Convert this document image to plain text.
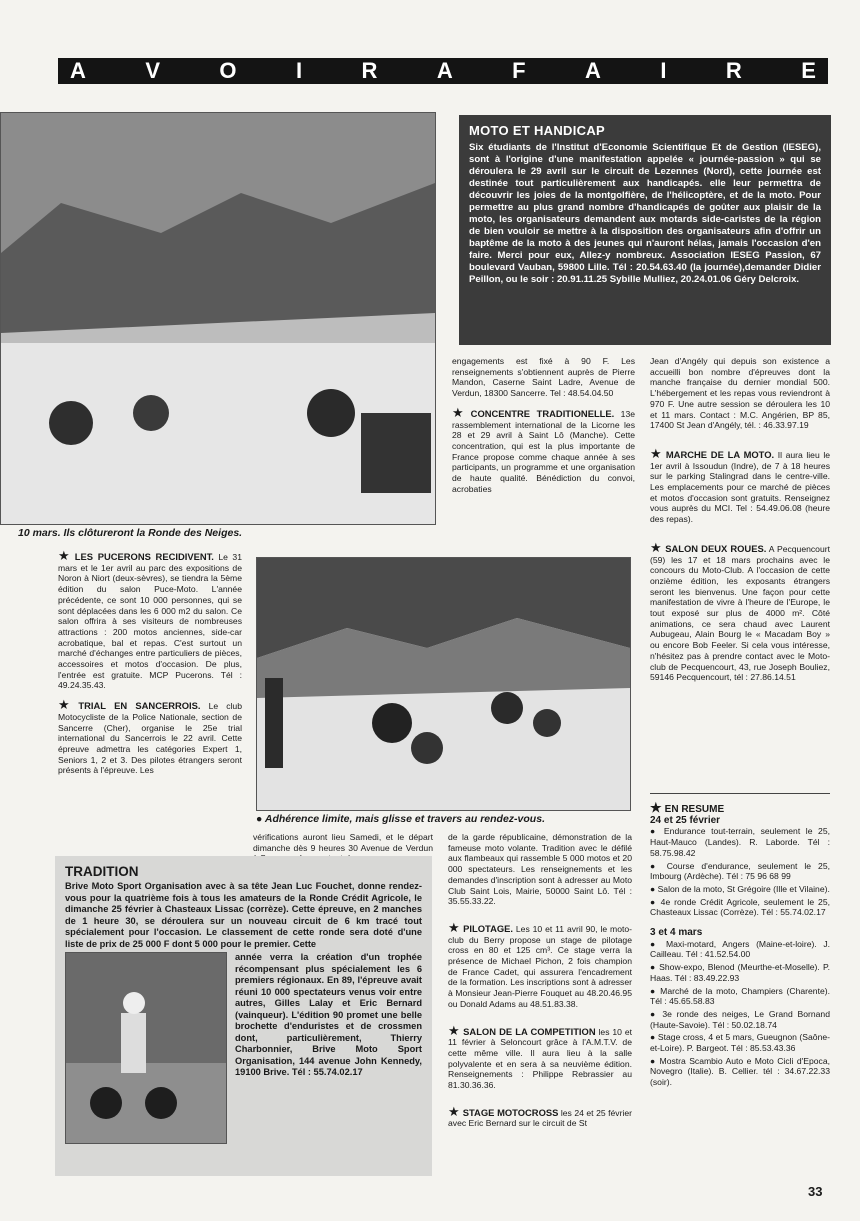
A	V	O	I	R	A	F	A	I	R	E
10 mars. Ils clôtureront la Ronde des Neiges.
MOTO ET HANDICAP

Six étudiants de l'Institut d'Economie Scientifique Et de Gestion (IESEG), sont à l'origine d'une manifestation appelée « journée-passion » qui se déroulera le 29 avril sur le circuit de Lezennes (Nord), cette journée est destinée tout particulièrement aux handicapés. elle leur permettra de découvrir les joies de la montgolfière, de l'hélicoptère, et de la moto. Pour permettre au plus grand nombre d'handicapés de goûter aux plaisir de la moto, les organisateurs demandent aux motards side-caristes de la région de bien vouloir se mettre à la disposition des organisateurs afin d'offrir un baptême de la moto à des jeunes qui n'auront hélas, jamais l'occasion d'en faire. Merci pour eux, Allez-y nombreux. Association IESEG Passion, 67 boulevard Vauban, 59800 Lille. Tél : 20.54.63.40 (la journée),demander Didier Peillon, ou le soir : 20.91.11.25 Sybille Mulliez, 20.24.01.06 Géry Delcroix.

engagements est fixé à 90 F. Les renseignements s'obtiennent auprès de Pierre Mandon, Caserne Saint Ladre, Avenue de Verdun, 18300 Sancerre. Tel : 48.54.04.50

★ CONCENTRE TRADITIONELLE. 13e rassemblement international de la Licorne les 28 et 29 avril à Saint Lô (Manche). Cette concentration, qui est la plus importante de France propose comme chaque année à ses participants, un programme et une organisation de haute qualité. Bénédiction du convoi, acrobaties

Jean d'Angély qui depuis son existence a accueilli bon nombre d'épreuves dont la manche française du dernier mondial 500. L'hébergement et les repas vous reviendront à 970 F. Une autre session se déroulera les 10 et 11 mars. Contact : M.C. Angérien, BP 85, 17400 St Jean d'Angély, tél. : 46.33.97.19

★ MARCHE DE LA MOTO. Il aura lieu le 1er avril à Issoudun (Indre), de 7 à 18 heures sur le parking Stalingrad dans le centre-ville. Les emplacements pour ce marché de pièces et motos d'occasion sont gratuits. Renseignez vous auprès du MCI. Tel : 54.49.06.08 (heure des repas).

★ SALON DEUX ROUES. A Pecquencourt (59) les 17 et 18 mars prochains avec le concours du Moto-Club. A l'occasion de cette onzième édition, les exposants étrangers seront les bienvenus. Une façon pour cette manifestation de vivre à l'heure de l'Europe, le tout exposé sur plus de 4000 m². Côté animations, ce sera chaud avec Laurent Aubugeau, Alain Bourg le « Macadam Boy » ou encore Bob Feeler. Si cela vous intéresse, n'hésitez pas à prendre contact avec le Moto-club de Pecquencourt, 43, rue Joseph Bouliez, 59146 Pecquencourt, tél : 27.86.14.51

★ LES PUCERONS RECIDIVENT. Le 31 mars et le 1er avril au parc des expositions de Noron à Niort (deux-sèvres), se tiendra la 5ème édition du salon Puce-Moto. L'année précédente, ce sont 10 000 personnes, qui se sont déplacées dans les 6 000 m2 du salon. Ce salon offrira à ses visiteurs de nombreuses attractions : 200 motos anciennes, side-car acrobatique, bal et repas. C'est surtout un marché d'échanges entre particuliers de pièces, accessoires et motos d'occasion. De plus, l'entrée est gratuite. MCP Pucerons. Tél : 49.24.35.43.

★ TRIAL EN SANCERROIS. Le club Motocycliste de la Police Nationale, section de Sancerre (Cher), organise le 25e trial international du Sancerrois le 22 avril. Cette épreuve admettra les catégories Expert 1, Seniors 1, 2 et 3. Des pilotes étrangers seront présents à l'épreuve. Les

● Adhérence limite, mais glisse et travers au rendez-vous.

vérifications auront lieu Samedi, et le départ dimanche dès 9 heures 30 Avenue de Verdun

de la garde républicaine, démonstration de la fameuse moto volante. Tradition avec le défilé aux flambeaux qui rassemble 5 000 motos et 20 000 spectateurs. Les renseignements et les demandes d'inscription sont à adresser au Moto Club Saint Lois, Mairie, 50000 Saint Lô. Tél : 35.55.33.22.

★ PILOTAGE. Les 10 et 11 avril 90, le moto-club du Berry propose un stage de pilotage cross en 80 et 125 cm³. Ce stage verra la présence de Michael Pichon, 2 fois champion de France Cadet, qui assurera l'encadrement de la formation. Les inscriptions sont à adresser à Monsieur Jean-Pierre Fouquet au 48.20.46.95 ou Donald Adams au 48.51.83.38.

★ SALON DE LA COMPETITION les 10 et 11 février à Seloncourt grâce à l'A.M.T.V. de cette même ville. Il aura lieu à la salle polyvalente et en sera à sa neuvième édition. Renseignements : Philippe Rebrassier au 81.30.36.36.

★ STAGE MOTOCROSS les 24 et 25 février avec Eric Bernard sur le circuit de St

TRADITION

Brive Moto Sport Organisation avec à sa tête Jean Luc Fouchet, donne rendez-vous pour la quatrième fois à tous les amateurs de la Ronde Crédit Agricole, le dimanche 25 février à Chasteaux Lissac (corrèze). Cette épreuve, en 2 manches de 1 heure 30, se déroulera sur un nouveau circuit de 6 km tracé tout spécialement pour l'occasion. Le classement de cette ronde sera doté d'une liste de prix de 25 000 F dont 5 000 pour le premier. Cette

année verra la création d'un trophée récompensant plus spécialement les 6 premiers régionaux. En 89, l'épreuve avait réuni 10 000 spectateurs venus voir entre autres, Gilles Lalay et Eric Bernard (vainqueur). L'édition 90 promet une belle brochette d'enduristes et de crossmen dont, particulièrement, Thierry Charbonnier, Brive Moto Sport Organisation, 144 avenue John Kennedy, 19100 Brive. Tél : 55.74.02.17

★ EN RESUME
24 et 25 février

● Endurance tout-terrain, seulement le 25, Haut-Mauco (Landes). R. Laborde. Tél : 58.75.98.42

● Course d'endurance, seulement le 25, Imbourg (Ardèche). Tél : 75 96 68 99

● Salon de la moto, St Grégoire (Ille et Vilaine).

● 4e ronde Crédit Agricole, seulement le 25, Chasteaux Lissac (Corrèze). Tél : 55.74.02.17

3 et 4 mars

● Maxi-motard, Angers (Maine-et-loire). J. Cailleau. Tél : 41.52.54.00

● Show-expo, Blenod (Meurthe-et-Moselle). P. Haas. Tél : 83.49.22.93

● Marché de la moto, Champiers (Charente). Tél : 45.65.58.83

● 3e ronde des neiges, Le Grand Bornand (Haute-Savoie). Tél : 50.02.18.74

● Stage cross, 4 et 5 mars, Gueugnon (Saône-et-Loire). P. Bargeot. Tél : 85.53.43.36

● Mostra Scambio Auto e Moto Cicli d'Epoca, Novegro (Italie). B. Cellier. tél : 34.67.22.33 (soir).

33
